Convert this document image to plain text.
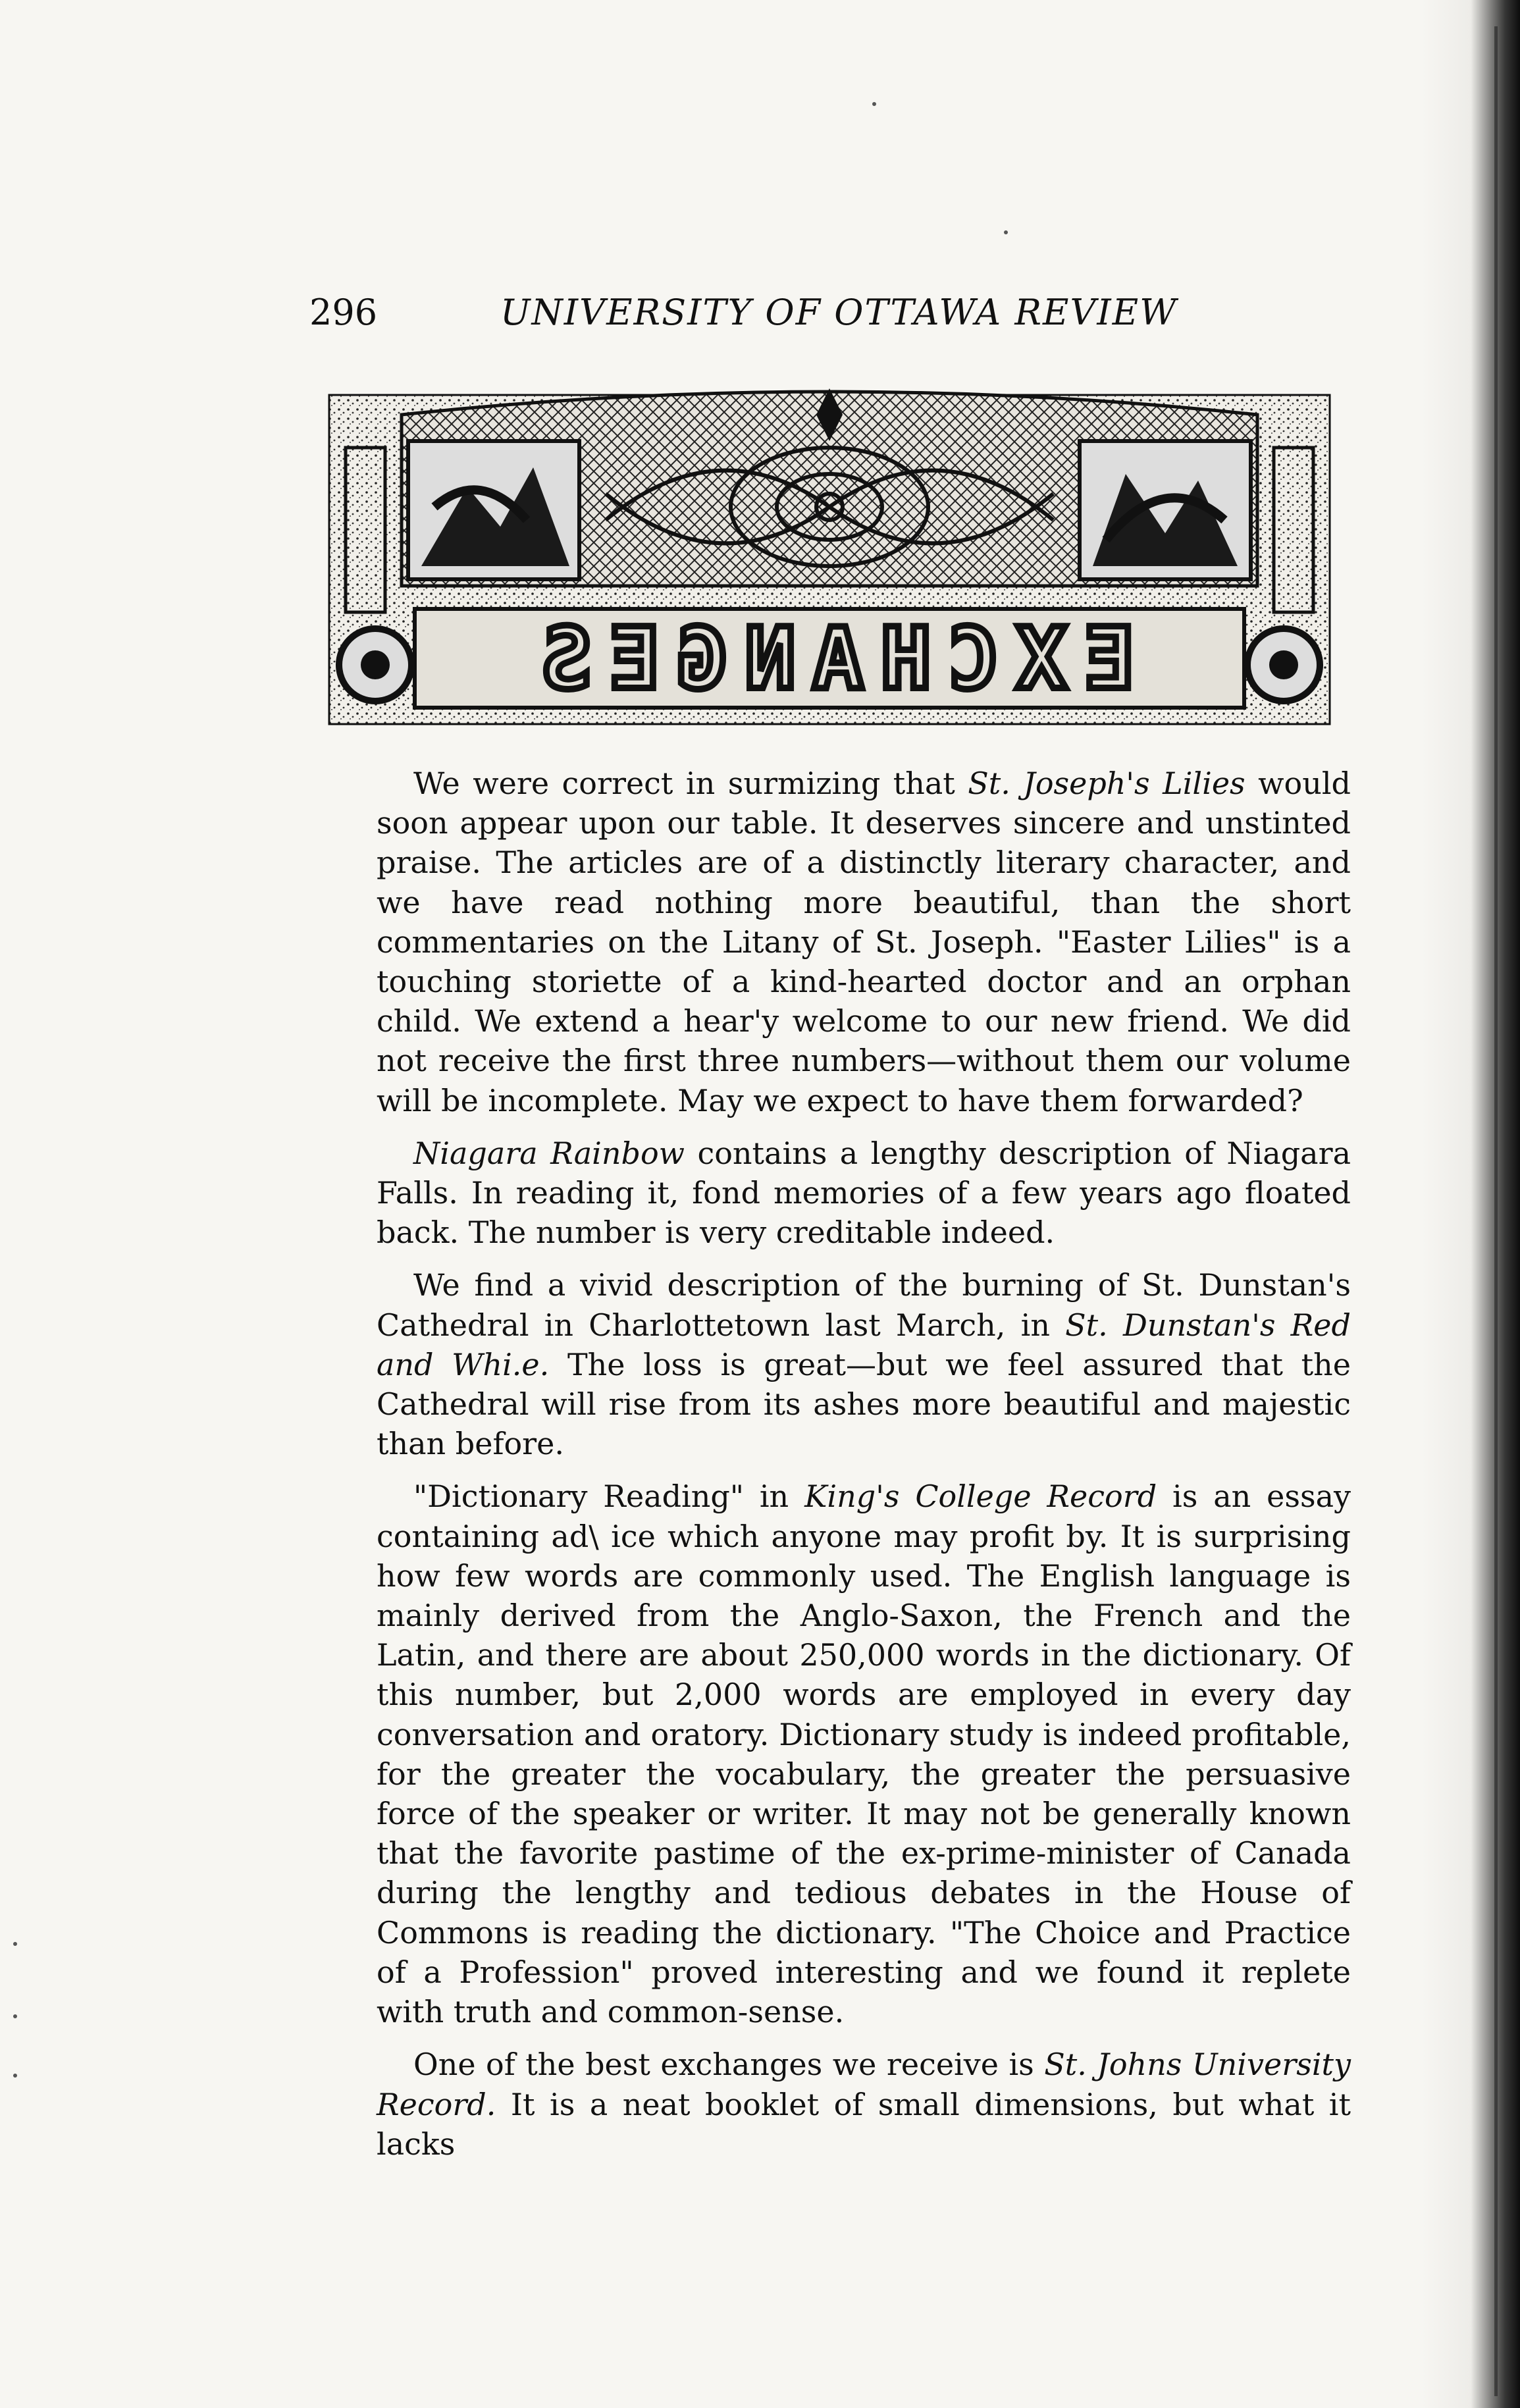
296	UNIVERSITY OF OTTAWA REVIEW
EXCHANGES

We were correct in surmizing that St. Joseph's Lilies would soon appear upon our table. It deserves sincere and unstinted praise. The articles are of a distinctly literary character, and we have read nothing more beautiful, than the short commentaries on the Litany of St. Joseph. "Easter Lilies" is a touching storiette of a kind-hearted doctor and an orphan child. We extend a hear'y welcome to our new friend. We did not receive the first three numbers—without them our volume will be incomplete. May we expect to have them forwarded?

Niagara Rainbow contains a lengthy description of Niagara Falls. In reading it, fond memories of a few years ago floated back. The number is very creditable indeed.

We find a vivid description of the burning of St. Dunstan's Cathedral in Charlottetown last March, in St. Dunstan's Red and Whi.e. The loss is great—but we feel assured that the Cathedral will rise from its ashes more beautiful and majestic than before.

"Dictionary Reading" in King's College Record is an essay containing ad\ ice which anyone may profit by. It is surprising how few words are commonly used. The English language is mainly derived from the Anglo-Saxon, the French and the Latin, and there are about 250,000 words in the dictionary. Of this number, but 2,000 words are employed in every day conversation and oratory. Dictionary study is indeed profitable, for the greater the vocabulary, the greater the persuasive force of the speaker or writer. It may not be generally known that the favorite pastime of the ex-prime-minister of Canada during the lengthy and tedious debates in the House of Commons is reading the dictionary. "The Choice and Practice of a Profession" proved interesting and we found it replete with truth and common-sense.

One of the best exchanges we receive is St. Johns University Record. It is a neat booklet of small dimensions, but what it lacks
